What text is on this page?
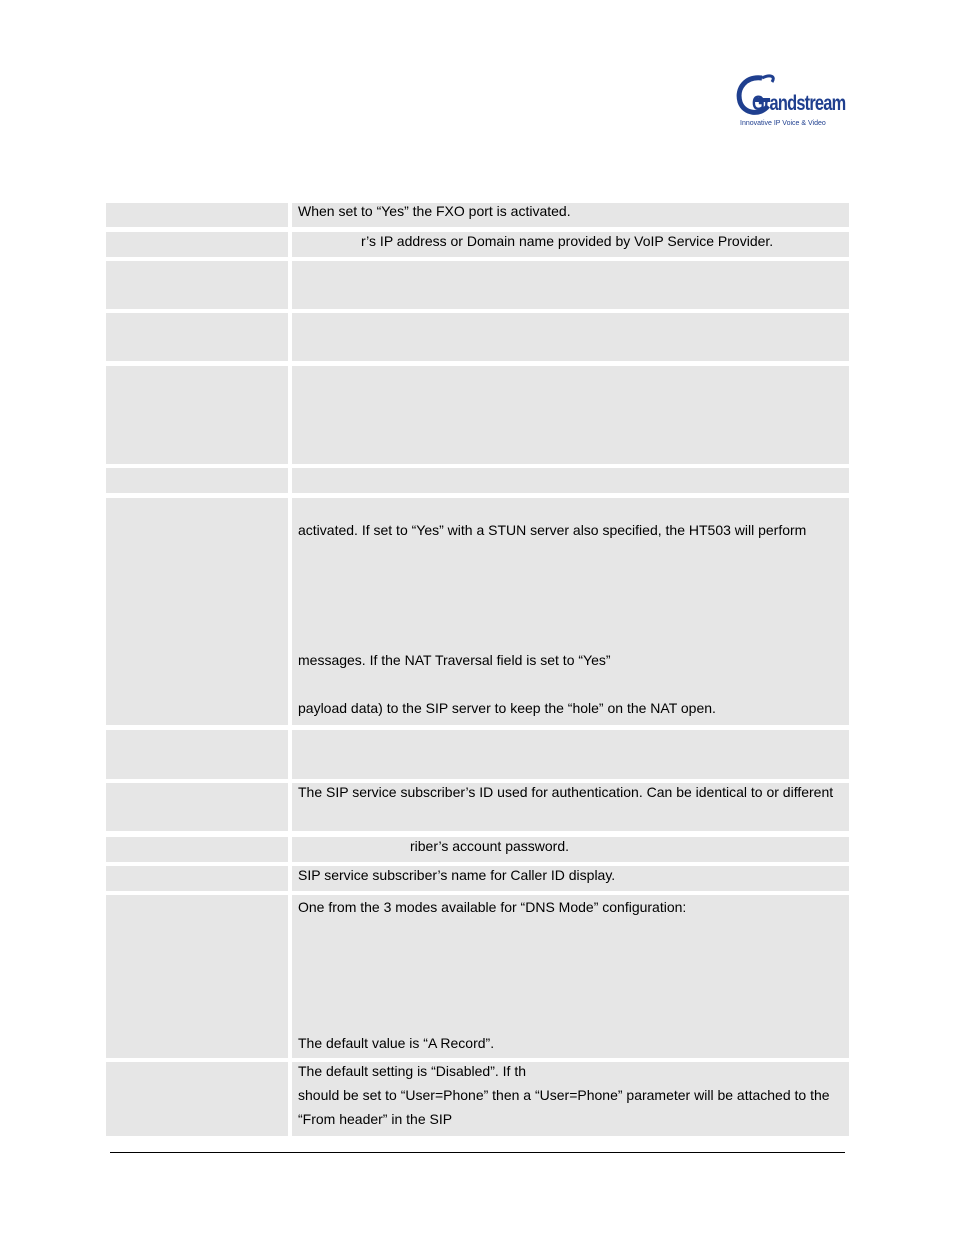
Grandstream
Innovative IP Voice & Video
When set to “Yes” the FXO port is activated.
r’s IP address or Domain name provided by VoIP Service Provider.
activated. If set to “Yes” with a STUN server also specified, the HT503 will perform
messages. If the NAT Traversal field is set to “Yes”
payload data) to the SIP server to keep the “hole” on the NAT open.
The SIP service subscriber’s ID used for authentication. Can be identical to or different
riber’s account password.
SIP service subscriber’s name for Caller ID display.
One from the 3 modes available for “DNS Mode” configuration:
The default value is “A Record”.
The default setting is “Disabled”. If th
should be set to “User=Phone” then a “User=Phone” parameter will be attached to the
“From header” in the SIP
